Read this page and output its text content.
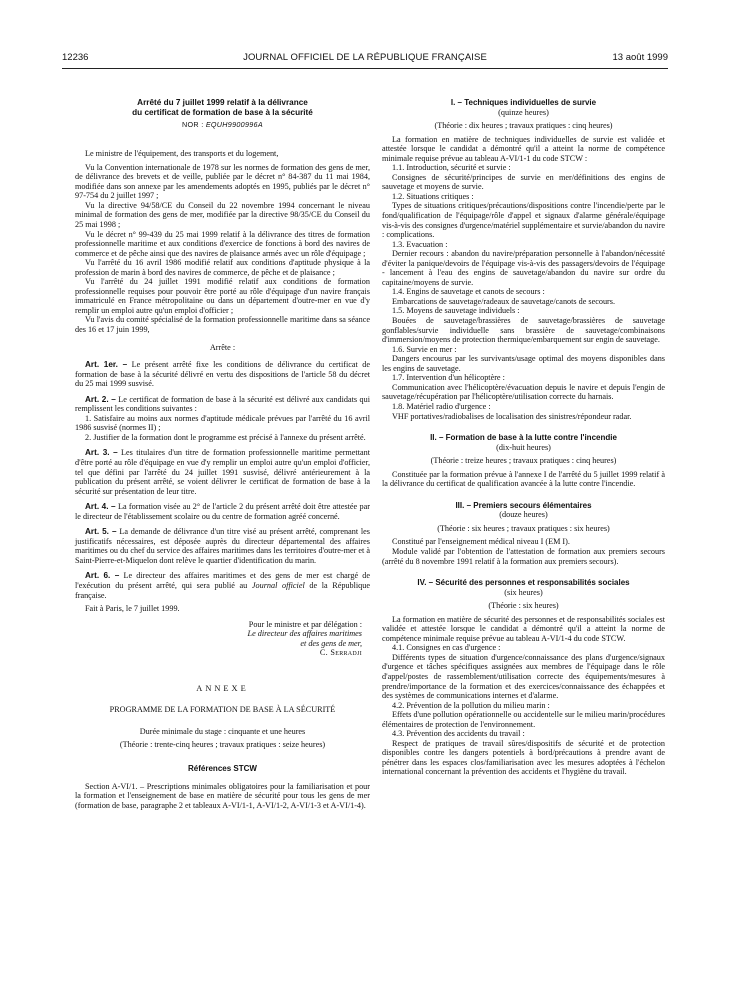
12236	JOURNAL OFFICIEL DE LA RÉPUBLIQUE FRANÇAISE	13 août 1999

Arrêté du 7 juillet 1999 relatif à la délivrance

du certificat de formation de base à la sécurité

NOR : EQUH9900996A

Le ministre de l'équipement, des transports et du logement,

Vu la Convention internationale de 1978 sur les normes de formation des gens de mer, de délivrance des brevets et de veille, publiée par le décret n° 84-387 du 11 mai 1984, modifiée dans son annexe par les amendements adoptés en 1995, publiés par le décret n° 97-754 du 2 juillet 1997 ;

Vu la directive 94/58/CE du Conseil du 22 novembre 1994 concernant le niveau minimal de formation des gens de mer, modifiée par la directive 98/35/CE du Conseil du 25 mai 1998 ;

Vu le décret n° 99-439 du 25 mai 1999 relatif à la délivrance des titres de formation professionnelle maritime et aux conditions d'exercice de fonctions à bord des navires de commerce et de pêche ainsi que des navires de plaisance armés avec un rôle d'équipage ;

Vu l'arrêté du 16 avril 1986 modifié relatif aux conditions d'aptitude physique à la profession de marin à bord des navires de commerce, de pêche et de plaisance ;

Vu l'arrêté du 24 juillet 1991 modifié relatif aux conditions de formation professionnelle requises pour pouvoir être porté au rôle d'équipage d'un navire français immatriculé en France métropolitaine ou dans un département d'outre-mer en vue d'y remplir un emploi autre qu'un emploi d'officier ;

Vu l'avis du comité spécialisé de la formation professionnelle maritime dans sa séance des 16 et 17 juin 1999,

Arrête :

Art. 1er. – Le présent arrêté fixe les conditions de délivrance du certificat de formation de base à la sécurité délivré en vertu des dispositions de l'article 58 du décret du 25 mai 1999 susvisé.

Art. 2. – Le certificat de formation de base à la sécurité est délivré aux candidats qui remplissent les conditions suivantes :

1. Satisfaire au moins aux normes d'aptitude médicale prévues par l'arrêté du 16 avril 1986 susvisé (normes II) ;

2. Justifier de la formation dont le programme est précisé à l'annexe du présent arrêté.

Art. 3. – Les titulaires d'un titre de formation professionnelle maritime permettant d'être porté au rôle d'équipage en vue d'y remplir un emploi autre qu'un emploi d'officier, tel que défini par l'arrêté du 24 juillet 1991 susvisé, délivré antérieurement à la publication du présent arrêté, se voient délivrer le certificat de formation de base à la sécurité sur présentation de leur titre.

Art. 4. – La formation visée au 2° de l'article 2 du présent arrêté doit être attestée par le directeur de l'établissement scolaire ou du centre de formation agréé concerné.

Art. 5. – La demande de délivrance d'un titre visé au présent arrêté, comprenant les justificatifs nécessaires, est déposée auprès du directeur départemental des affaires maritimes ou du chef du service des affaires maritimes dans les territoires d'outre-mer et à Saint-Pierre-et-Miquelon dont relève le quartier d'identification du marin.

Art. 6. – Le directeur des affaires maritimes et des gens de mer est chargé de l'exécution du présent arrêté, qui sera publié au Journal officiel de la République française.

Fait à Paris, le 7 juillet 1999.

Pour le ministre et par délégation :

Le directeur des affaires maritimes

et des gens de mer,

C. Serradji

ANNEXE

PROGRAMME DE LA FORMATION DE BASE À LA SÉCURITÉ

Durée minimale du stage : cinquante et une heures

(Théorie : trente-cinq heures ; travaux pratiques : seize heures)

Références STCW

Section A-VI/1. – Prescriptions minimales obligatoires pour la familiarisation et pour la formation et l'enseignement de base en matière de sécurité pour tous les gens de mer (formation de base, paragraphe 2 et tableaux A-VI/1-1, A-VI/1-2, A-VI/1-3 et A-VI/1-4).

I. – Techniques individuelles de survie

(quinze heures)

(Théorie : dix heures ; travaux pratiques : cinq heures)

La formation en matière de techniques individuelles de survie est validée et attestée lorsque le candidat a démontré qu'il a atteint la norme de compétence minimale requise prévue au tableau A-VI/1-1 du code STCW :

1.1. Introduction, sécurité et survie :

Consignes de sécurité/principes de survie en mer/définitions des engins de sauvetage et moyens de survie.

1.2. Situations critiques :

Types de situations critiques/précautions/dispositions contre l'incendie/perte par le fond/qualification de l'équipage/rôle d'appel et signaux d'alarme générale/équipage vis-à-vis des consignes d'urgence/matériel supplémentaire et survie/abandon du navire : complications.

1.3. Evacuation :

Dernier recours : abandon du navire/préparation personnelle à l'abandon/nécessité d'éviter la panique/devoirs de l'équipage vis-à-vis des passagers/devoirs de l'équipage - lancement à l'eau des engins de sauvetage/abandon du navire sur ordre du capitaine/moyens de survie.

1.4. Engins de sauvetage et canots de secours :

Embarcations de sauvetage/radeaux de sauvetage/canots de secours.

1.5. Moyens de sauvetage individuels :

Bouées de sauvetage/brassières de sauvetage/brassières de sauvetage gonflables/survie individuelle sans brassière de sauvetage/combinaisons d'immersion/moyens de protection thermique/embarquement sur engin de sauvetage.

1.6. Survie en mer :

Dangers encourus par les survivants/usage optimal des moyens disponibles dans les engins de sauvetage.

1.7. Intervention d'un hélicoptère :

Communication avec l'hélicoptère/évacuation depuis le navire et depuis l'engin de sauvetage/récupération par l'hélicoptère/utilisation correcte du harnais.

1.8. Matériel radio d'urgence :

VHF portatives/radiobalises de localisation des sinistres/répondeur radar.

II. – Formation de base à la lutte contre l'incendie

(dix-huit heures)

(Théorie : treize heures ; travaux pratiques : cinq heures)

Constituée par la formation prévue à l'annexe I de l'arrêté du 5 juillet 1999 relatif à la délivrance du certificat de qualification avancée à la lutte contre l'incendie.

III. – Premiers secours élémentaires

(douze heures)

(Théorie : six heures ; travaux pratiques : six heures)

Constitué par l'enseignement médical niveau I (EM I).

Module validé par l'obtention de l'attestation de formation aux premiers secours (arrêté du 8 novembre 1991 relatif à la formation aux premiers secours).

IV. – Sécurité des personnes et responsabilités sociales

(six heures)

(Théorie : six heures)

La formation en matière de sécurité des personnes et de responsabilités sociales est validée et attestée lorsque le candidat a démontré qu'il a atteint la norme de compétence minimale requise prévue au tableau A-VI/1-4 du code STCW.

4.1. Consignes en cas d'urgence :

Différents types de situation d'urgence/connaissance des plans d'urgence/signaux d'urgence et tâches spécifiques assignées aux membres de l'équipage dans le rôle d'appel/postes de rassemblement/utilisation correcte des équipements/mesures à prendre/importance de la formation et des exercices/connaissance des échappées et des systèmes de communications internes et d'alarme.

4.2. Prévention de la pollution du milieu marin :

Effets d'une pollution opérationnelle ou accidentelle sur le milieu marin/procédures élémentaires de protection de l'environnement.

4.3. Prévention des accidents du travail :

Respect de pratiques de travail sûres/dispositifs de sécurité et de protection disponibles contre les dangers potentiels à bord/précautions à prendre avant de pénétrer dans les espaces clos/familiarisation avec les mesures adoptées à l'échelon international concernant la prévention des accidents et l'hygiène du travail.
